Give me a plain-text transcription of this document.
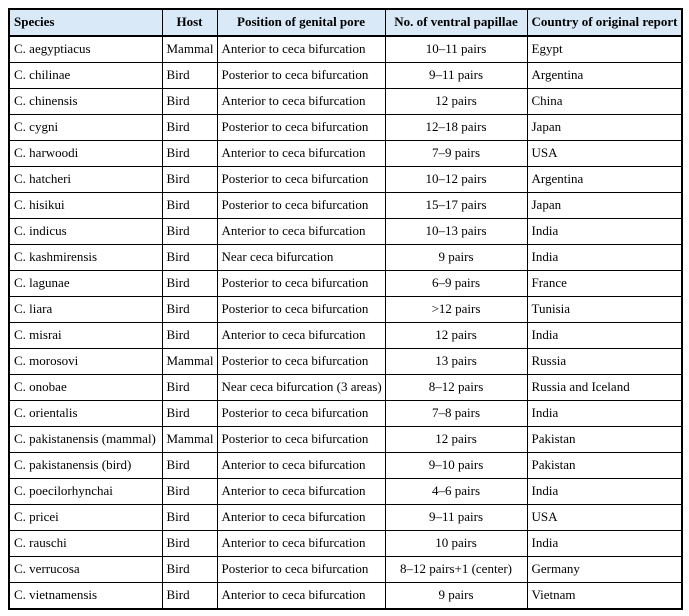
Species	Host	Position of genital pore	No. of ventral papillae	Country of original report
C. aegyptiacus	Mammal	Anterior to ceca bifurcation	10–11 pairs	Egypt
C. chilinae	Bird	Posterior to ceca bifurcation	9–11 pairs	Argentina
C. chinensis	Bird	Anterior to ceca bifurcation	12 pairs	China
C. cygni	Bird	Posterior to ceca bifurcation	12–18 pairs	Japan
C. harwoodi	Bird	Anterior to ceca bifurcation	7–9 pairs	USA
C. hatcheri	Bird	Posterior to ceca bifurcation	10–12 pairs	Argentina
C. hisikui	Bird	Posterior to ceca bifurcation	15–17 pairs	Japan
C. indicus	Bird	Anterior to ceca bifurcation	10–13 pairs	India
C. kashmirensis	Bird	Near ceca bifurcation	9 pairs	India
C. lagunae	Bird	Posterior to ceca bifurcation	6–9 pairs	France
C. liara	Bird	Posterior to ceca bifurcation	>12 pairs	Tunisia
C. misrai	Bird	Anterior to ceca bifurcation	12 pairs	India
C. morosovi	Mammal	Posterior to ceca bifurcation	13 pairs	Russia
C. onobae	Bird	Near ceca bifurcation (3 areas)	8–12 pairs	Russia and Iceland
C. orientalis	Bird	Posterior to ceca bifurcation	7–8 pairs	India
C. pakistanensis (mammal)	Mammal	Posterior to ceca bifurcation	12 pairs	Pakistan
C. pakistanensis (bird)	Bird	Anterior to ceca bifurcation	9–10 pairs	Pakistan
C. poecilorhynchai	Bird	Anterior to ceca bifurcation	4–6 pairs	India
C. pricei	Bird	Anterior to ceca bifurcation	9–11 pairs	USA
C. rauschi	Bird	Anterior to ceca bifurcation	10 pairs	India
C. verrucosa	Bird	Posterior to ceca bifurcation	8–12 pairs+1 (center)	Germany
C. vietnamensis	Bird	Anterior to ceca bifurcation	9 pairs	Vietnam
